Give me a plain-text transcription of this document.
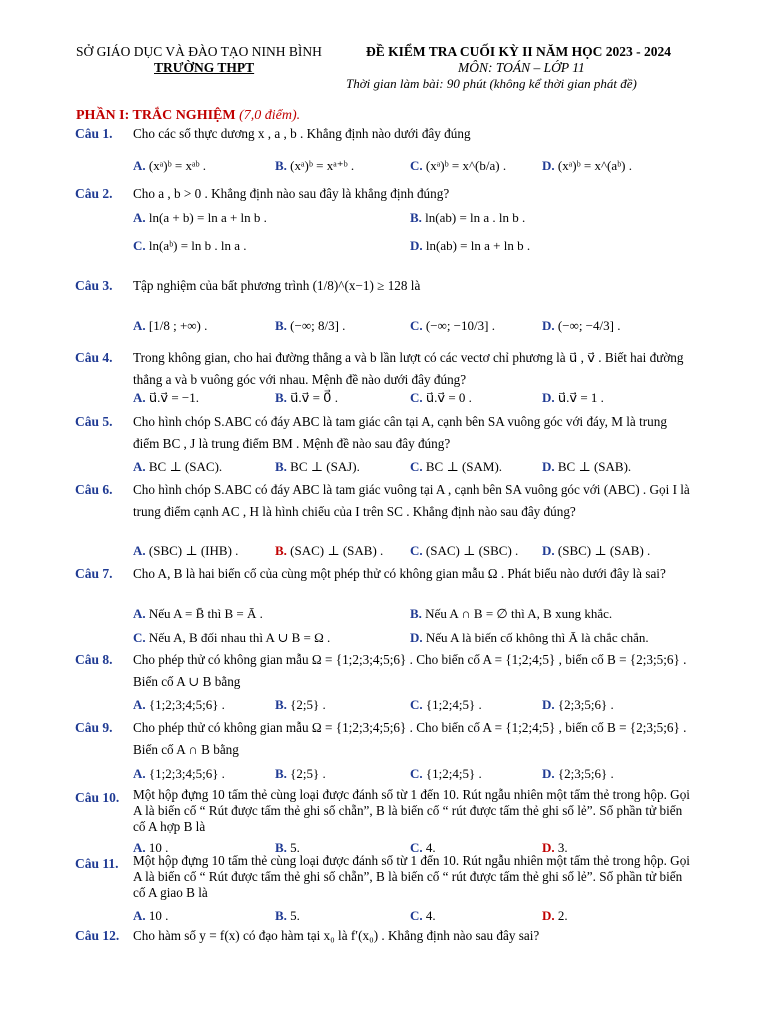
SỞ GIÁO DỤC VÀ ĐÀO TẠO NINH BÌNH
TRƯỜNG THPT
ĐỀ KIỂM TRA CUỐI KỲ II NĂM HỌC 2023 - 2024
MÔN: TOÁN – LỚP 11
Thời gian làm bài: 90 phút (không kể thời gian phát đề)
PHẦN I: TRẮC NGHIỆM (7,0 điểm).
Câu 1. Cho các số thực dương x , a , b . Khẳng định nào dưới đây đúng
A. (xᵃ)ᵇ = xᵃᵇ .	B. (xᵃ)ᵇ = xᵃ⁺ᵇ .	C. (xᵃ)ᵇ = x^(b/a) .	D. (xᵃ)ᵇ = x^(aᵇ) .
Câu 2. Cho a , b > 0 . Khẳng định nào sau đây là khẳng định đúng?
A. ln(a + b) = ln a + ln b .	B. ln(ab) = ln a . ln b .
C. ln(aᵇ) = ln b . ln a .	D. ln(ab) = ln a + ln b .
Câu 3. Tập nghiệm của bất phương trình (1/8)^(x−1) ≥ 128 là
A. [1/8 ; +∞) .	B. (−∞; 8/3] .	C. (−∞; −10/3] .	D. (−∞; −4/3] .
Câu 4. Trong không gian, cho hai đường thẳng a và b lần lượt có các vectơ chỉ phương là u⃗ , v⃗ . Biết hai đường thẳng a và b vuông góc với nhau. Mệnh đề nào dưới đây đúng?
A. u⃗.v⃗ = −1.	B. u⃗.v⃗ = 0⃗ .	C. u⃗.v⃗ = 0 .	D. u⃗.v⃗ = 1 .
Câu 5. Cho hình chóp S.ABC có đáy ABC là tam giác cân tại A, cạnh bên SA vuông góc với đáy, M là trung điểm BC , J là trung điểm BM . Mệnh đề nào sau đây đúng?
A. BC ⊥ (SAC).	B. BC ⊥ (SAJ).	C. BC ⊥ (SAM).	D. BC ⊥ (SAB).
Câu 6. Cho hình chóp S.ABC có đáy ABC là tam giác vuông tại A , cạnh bên SA vuông góc với (ABC) . Gọi I là trung điểm cạnh AC , H là hình chiếu của I trên SC . Khẳng định nào sau đây đúng?
A. (SBC) ⊥ (IHB) .	B. (SAC) ⊥ (SAB) . C. (SAC) ⊥ (SBC) . D. (SBC) ⊥ (SAB) .
Câu 7. Cho A, B là hai biến cố của cùng một phép thử có không gian mẫu Ω . Phát biểu nào dưới đây là sai?
A. Nếu A = B̄ thì B = Ā .	B. Nếu A ∩ B = ∅ thì A, B xung khắc.
C. Nếu A, B đối nhau thì A ∪ B = Ω .	D. Nếu A là biến cố không thì Ā là chắc chắn.
Câu 8. Cho phép thử có không gian mẫu Ω = {1;2;3;4;5;6} . Cho biến cố A = {1;2;4;5} , biến cố B = {2;3;5;6} . Biến cố A ∪ B bằng
A. {1;2;3;4;5;6} .	B. {2;5} .	C. {1;2;4;5} .	D. {2;3;5;6} .
Câu 9. Cho phép thử có không gian mẫu Ω = {1;2;3;4;5;6} . Cho biến cố A = {1;2;4;5} , biến cố B = {2;3;5;6} . Biến cố A ∩ B bằng
A. {1;2;3;4;5;6} .	B. {2;5} .	C. {1;2;4;5} .	D. {2;3;5;6} .
Câu 10. Một hộp đựng 10 tấm thẻ cùng loại được đánh số từ 1 đến 10. Rút ngẫu nhiên một tấm thẻ trong hộp. Gọi A là biến cố “ Rút được tấm thẻ ghi số chẵn”, B là biến cố “ rút được tấm thẻ ghi số lẻ”. Số phần tử biến cố A hợp B là
A. 10 .	B. 5.	C. 4.	D. 3.
Câu 11. Một hộp đựng 10 tấm thẻ cùng loại được đánh số từ 1 đến 10. Rút ngẫu nhiên một tấm thẻ trong hộp. Gọi A là biến cố “ Rút được tấm thẻ ghi số chẵn”, B là biến cố “ rút được tấm thẻ ghi số lẻ”. Số phần tử biến cố A giao B là
A. 10 .	B. 5.	C. 4.	D. 2.
Câu 12. Cho hàm số y = f(x) có đạo hàm tại x₀ là f′(x₀) . Khẳng định nào sau đây sai?
